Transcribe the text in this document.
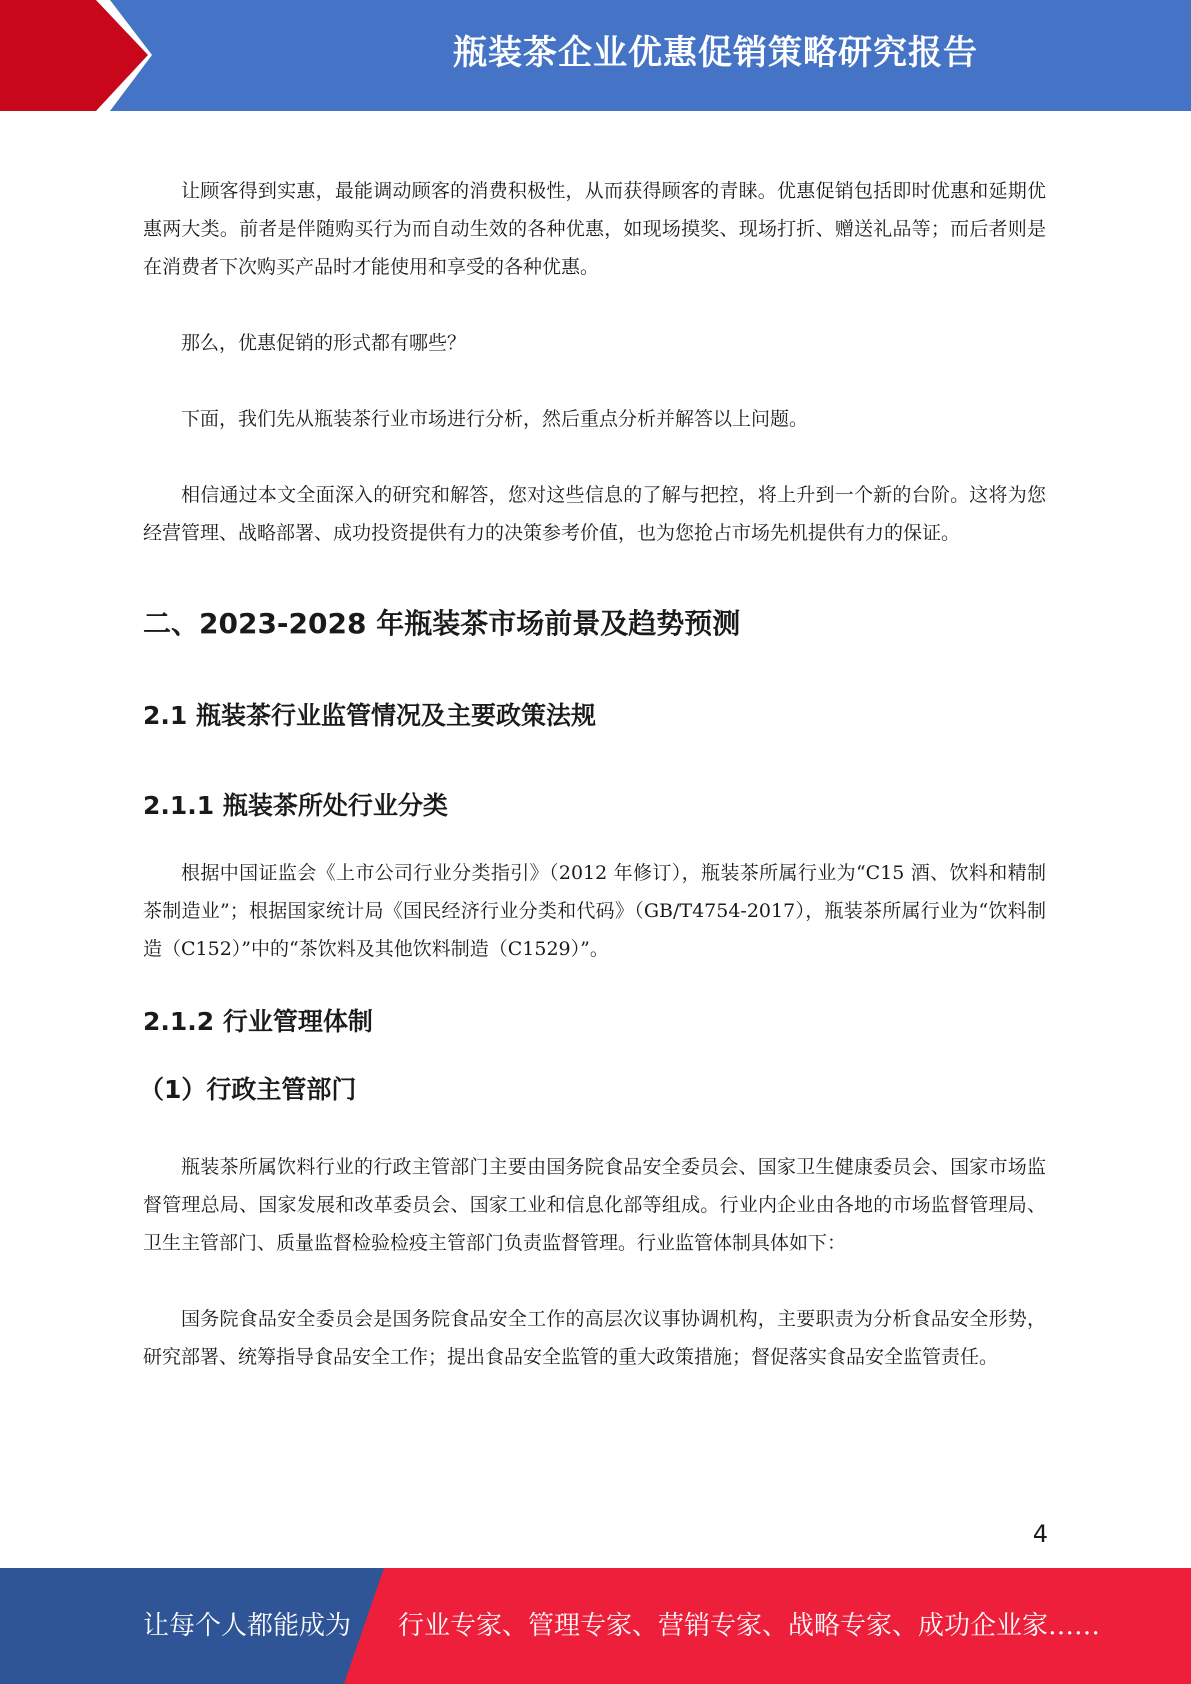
瓶装茶企业优惠促销策略研究报告

让顾客得到实惠，最能调动顾客的消费积极性，从而获得顾客的青睐。优惠促销包括即时优惠和延期优惠两大类。前者是伴随购买行为而自动生效的各种优惠，如现场摸奖、现场打折、赠送礼品等；而后者则是在消费者下次购买产品时才能使用和享受的各种优惠。

那么，优惠促销的形式都有哪些？

下面，我们先从瓶装茶行业市场进行分析，然后重点分析并解答以上问题。

相信通过本文全面深入的研究和解答，您对这些信息的了解与把控，将上升到一个新的台阶。这将为您经营管理、战略部署、成功投资提供有力的决策参考价值，也为您抢占市场先机提供有力的保证。

二、2023-2028 年瓶装茶市场前景及趋势预测
2.1 瓶装茶行业监管情况及主要政策法规
2.1.1 瓶装茶所处行业分类

根据中国证监会《上市公司行业分类指引》（2012 年修订），瓶装茶所属行业为“C15 酒、饮料和精制茶制造业”；根据国家统计局《国民经济行业分类和代码》（GB/T4754-2017），瓶装茶所属行业为“饮料制造（C152）”中的“茶饮料及其他饮料制造（C1529）”。

2.1.2 行业管理体制
（1）行政主管部门

瓶装茶所属饮料行业的行政主管部门主要由国务院食品安全委员会、国家卫生健康委员会、国家市场监督管理总局、国家发展和改革委员会、国家工业和信息化部等组成。行业内企业由各地的市场监督管理局、卫生主管部门、质量监督检验检疫主管部门负责监督管理。行业监管体制具体如下：

国务院食品安全委员会是国务院食品安全工作的高层次议事协调机构，主要职责为分析食品安全形势，研究部署、统筹指导食品安全工作；提出食品安全监管的重大政策措施；督促落实食品安全监管责任。

4
让每个人都能成为 行业专家、管理专家、营销专家、战略专家、成功企业家……
